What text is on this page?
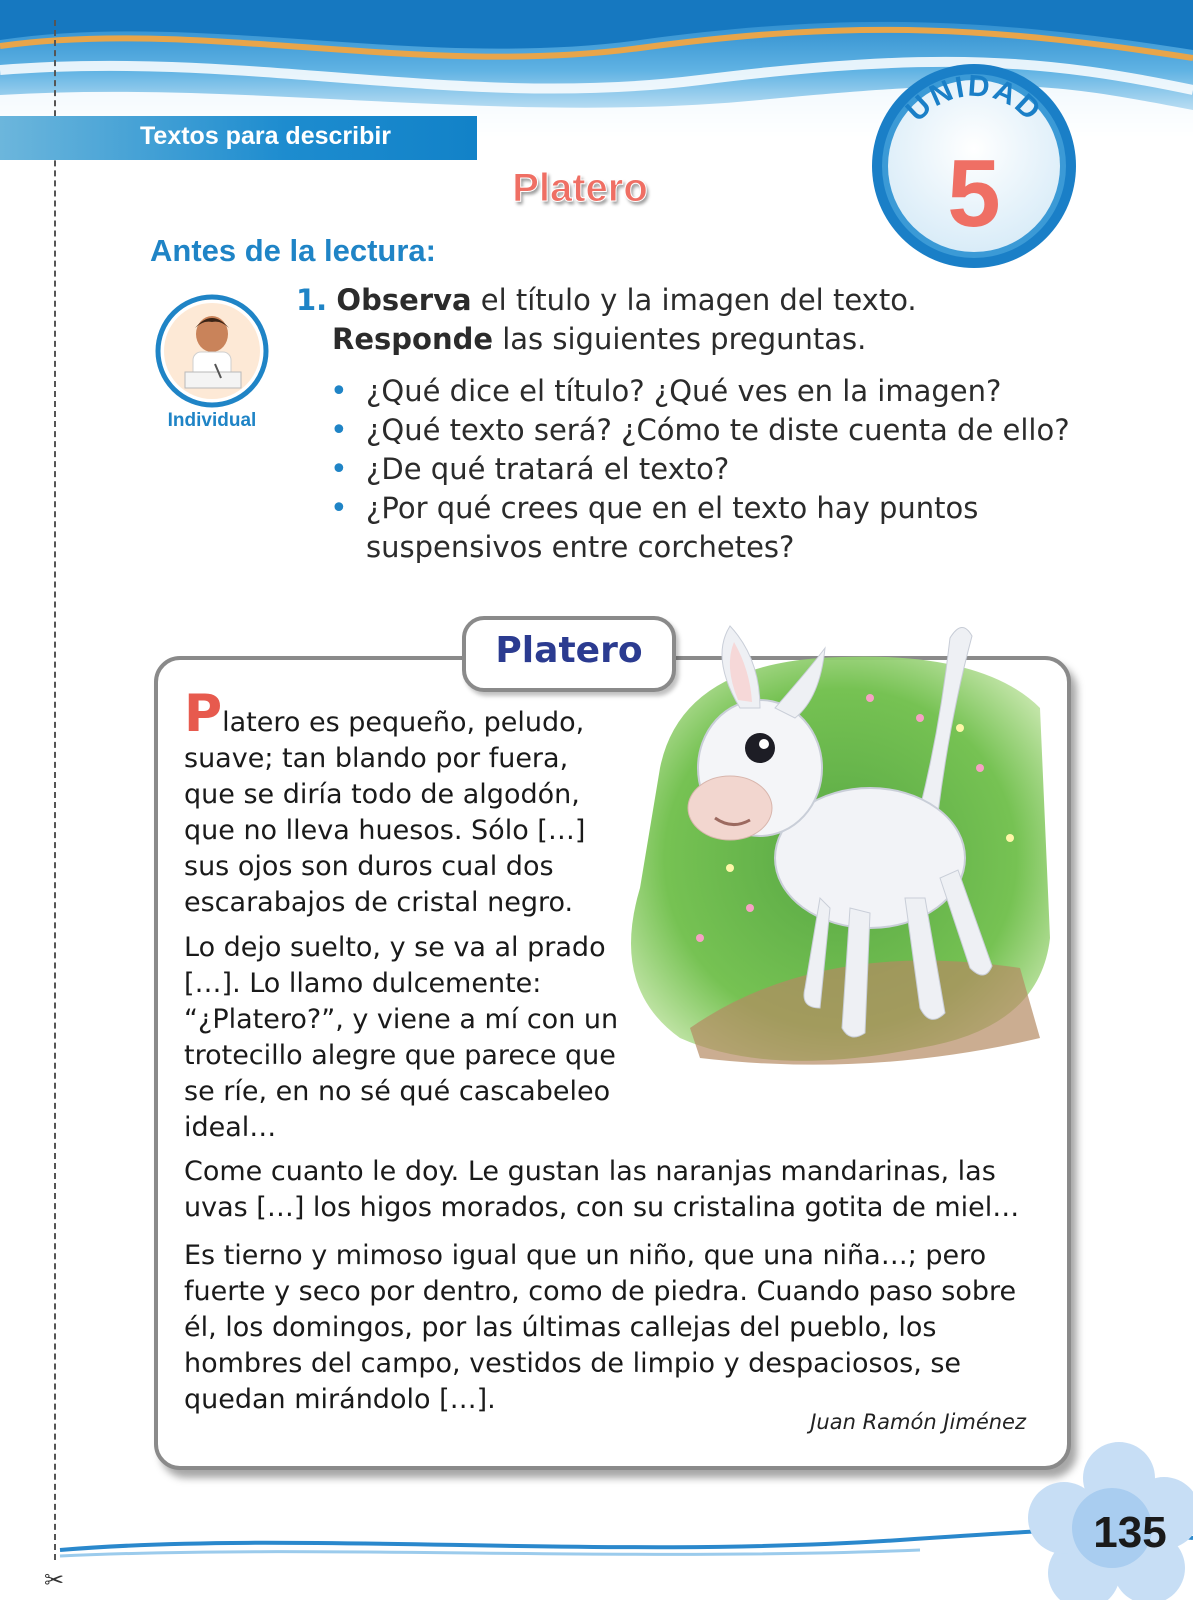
✂
Textos para describir
UNIDAD
5
Platero
Antes de la lectura:
Individual
1. Observa el título y la imagen del texto.
Responde las siguientes preguntas.
• ¿Qué dice el título? ¿Qué ves en la imagen?
• ¿Qué texto será? ¿Cómo te diste cuenta de ello?
• ¿De qué tratará el texto?
• ¿Por qué crees que en el texto hay puntos suspensivos entre corchetes?
Platero
Platero es pequeño, peludo, suave; tan blando por fuera, que se diría todo de algodón, que no lleva huesos. Sólo […] sus ojos son duros cual dos escarabajos de cristal negro.
Lo dejo suelto, y se va al prado […]. Lo llamo dulcemente: “¿Platero?”, y viene a mí con un trotecillo alegre que parece que se ríe, en no sé qué cascabeleo ideal…
Come cuanto le doy. Le gustan las naranjas mandarinas, las uvas […] los higos morados, con su cristalina gotita de miel…
Es tierno y mimoso igual que un niño, que una niña…; pero fuerte y seco por dentro, como de piedra. Cuando paso sobre él, los domingos, por las últimas callejas del pueblo, los hombres del campo, vestidos de limpio y despaciosos, se quedan mirándolo […].
Juan Ramón Jiménez
135
